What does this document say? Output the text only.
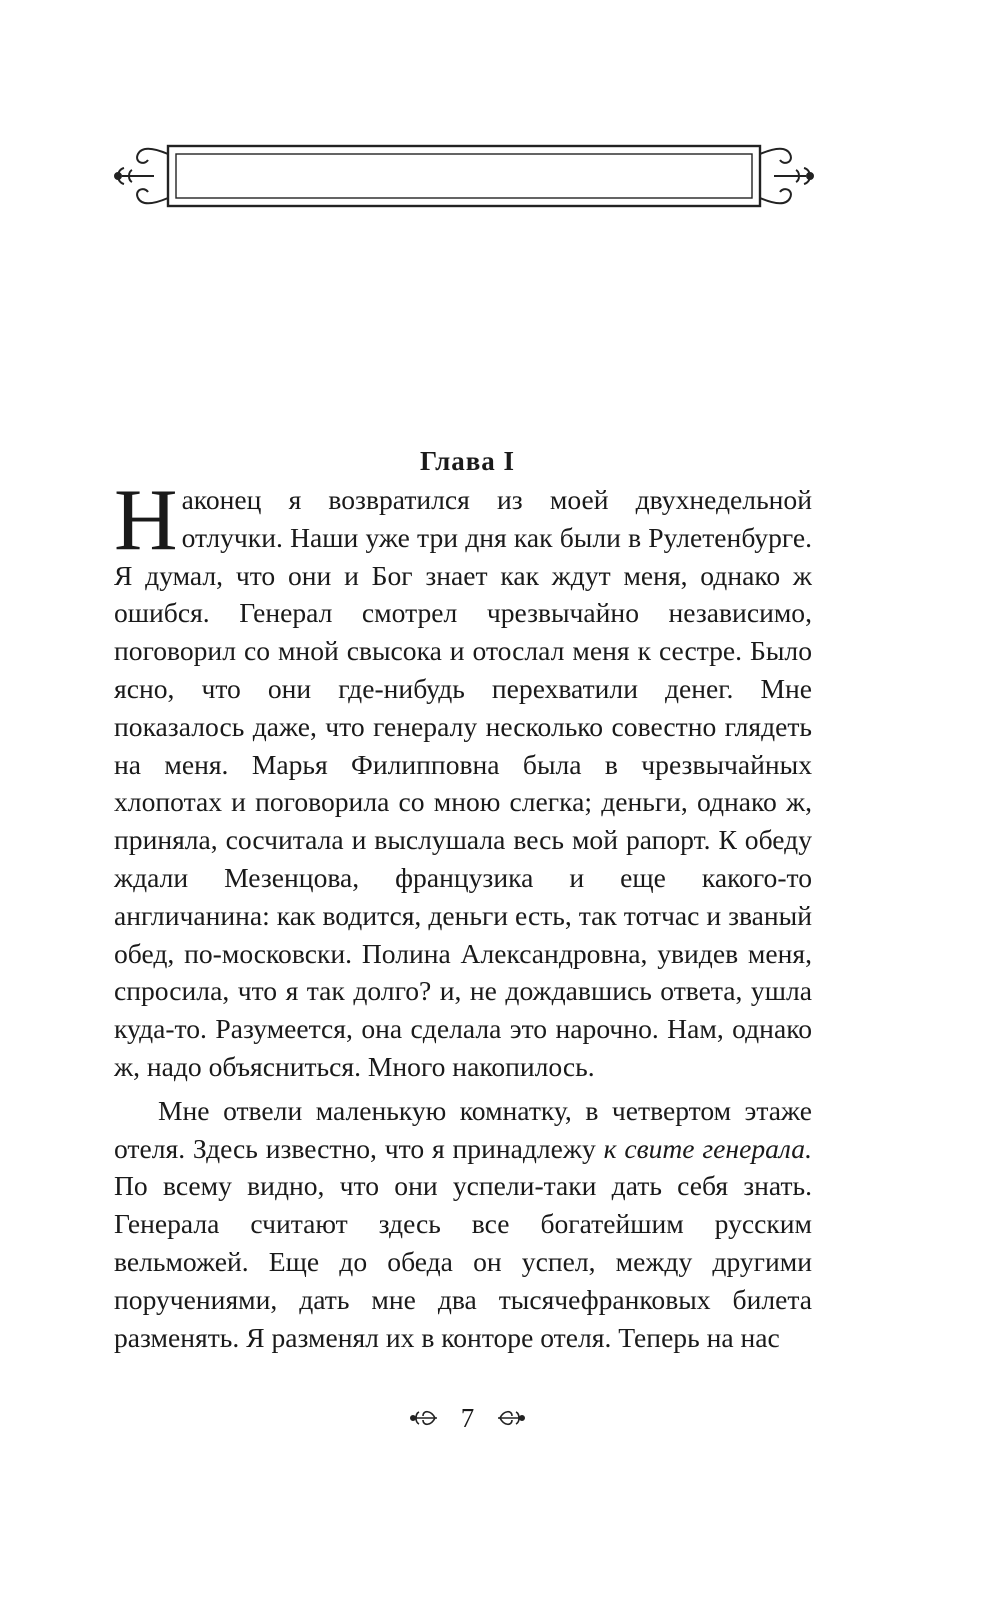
Глава I

Наконец я возвратился из моей двухнедельной отлучки. Наши уже три дня как были в Рулетенбурге. Я думал, что они и Бог знает как ждут меня, однако ж ошибся. Генерал смотрел чрезвычайно независимо, поговорил со мной свысока и отослал меня к сестре. Было ясно, что они где-нибудь перехватили денег. Мне показалось даже, что генералу несколько совестно глядеть на меня. Марья Филипповна была в чрезвычайных хлопотах и поговорила со мною слегка; деньги, однако ж, приняла, сосчитала и выслушала весь мой рапорт. К обеду ждали Мезенцова, французика и еще какого-то англичанина: как водится, деньги есть, так тотчас и званый обед, по-московски. Полина Александровна, увидев меня, спросила, что я так долго? и, не дождавшись ответа, ушла куда-то. Разумеется, она сделала это нарочно. Нам, однако ж, надо объясниться. Много накопилось.

Мне отвели маленькую комнатку, в четвертом этаже отеля. Здесь известно, что я принадлежу к свите генерала. По всему видно, что они успели-таки дать себя знать. Генерала считают здесь все богатейшим русским вельможей. Еще до обеда он успел, между другими поручениями, дать мне два тысячефранковых билета разменять. Я разменял их в конторе отеля. Теперь на нас

7
